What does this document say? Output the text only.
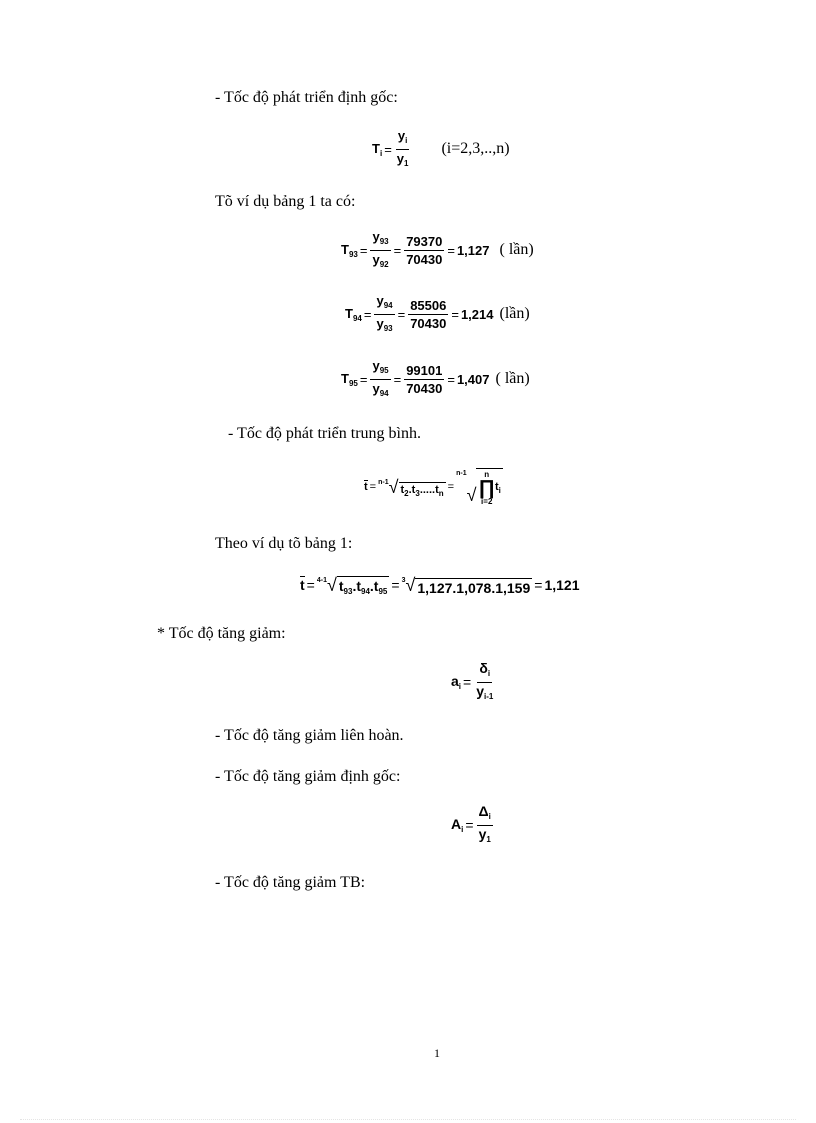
- Tốc độ phát triển định gốc:
$T_i = \frac{y_i}{y_1} (i=2,3,..,n)$
Tõ ví dụ bảng 1 ta có:
$T_{93} = \frac{y_{93}}{y_{92}} = \frac{79370}{70430} = 1,127$ ( lần)
$T_{94} = \frac{y_{94}}{y_{93}} = \frac{85506}{70430} = 1,214$ (lần)
$T_{95} = \frac{y_{95}}{y_{94}} = \frac{99101}{70430} = 1,407$ ( lần)
- Tốc độ phát triển trung bình.
t = n-1 √ $t_2.t_3.....t_n$ =
n-1
√
n
∏
i=2
$t_i$
Theo ví dụ tõ bảng 1:
t = 4-1 √ $t_{93}.t_{94}.t_{95} = 3$ √ 1,127.1,078.1,159 = 1,121
* Tốc độ tăng giảm:
$a_i = \frac{\delta_i}{y_{i-1}}$
- Tốc độ tăng giảm liên hoàn.
- Tốc độ tăng giảm định gốc:
$A_i = \frac{\Delta_i}{y_1}$
- Tốc độ tăng giảm TB:
1
